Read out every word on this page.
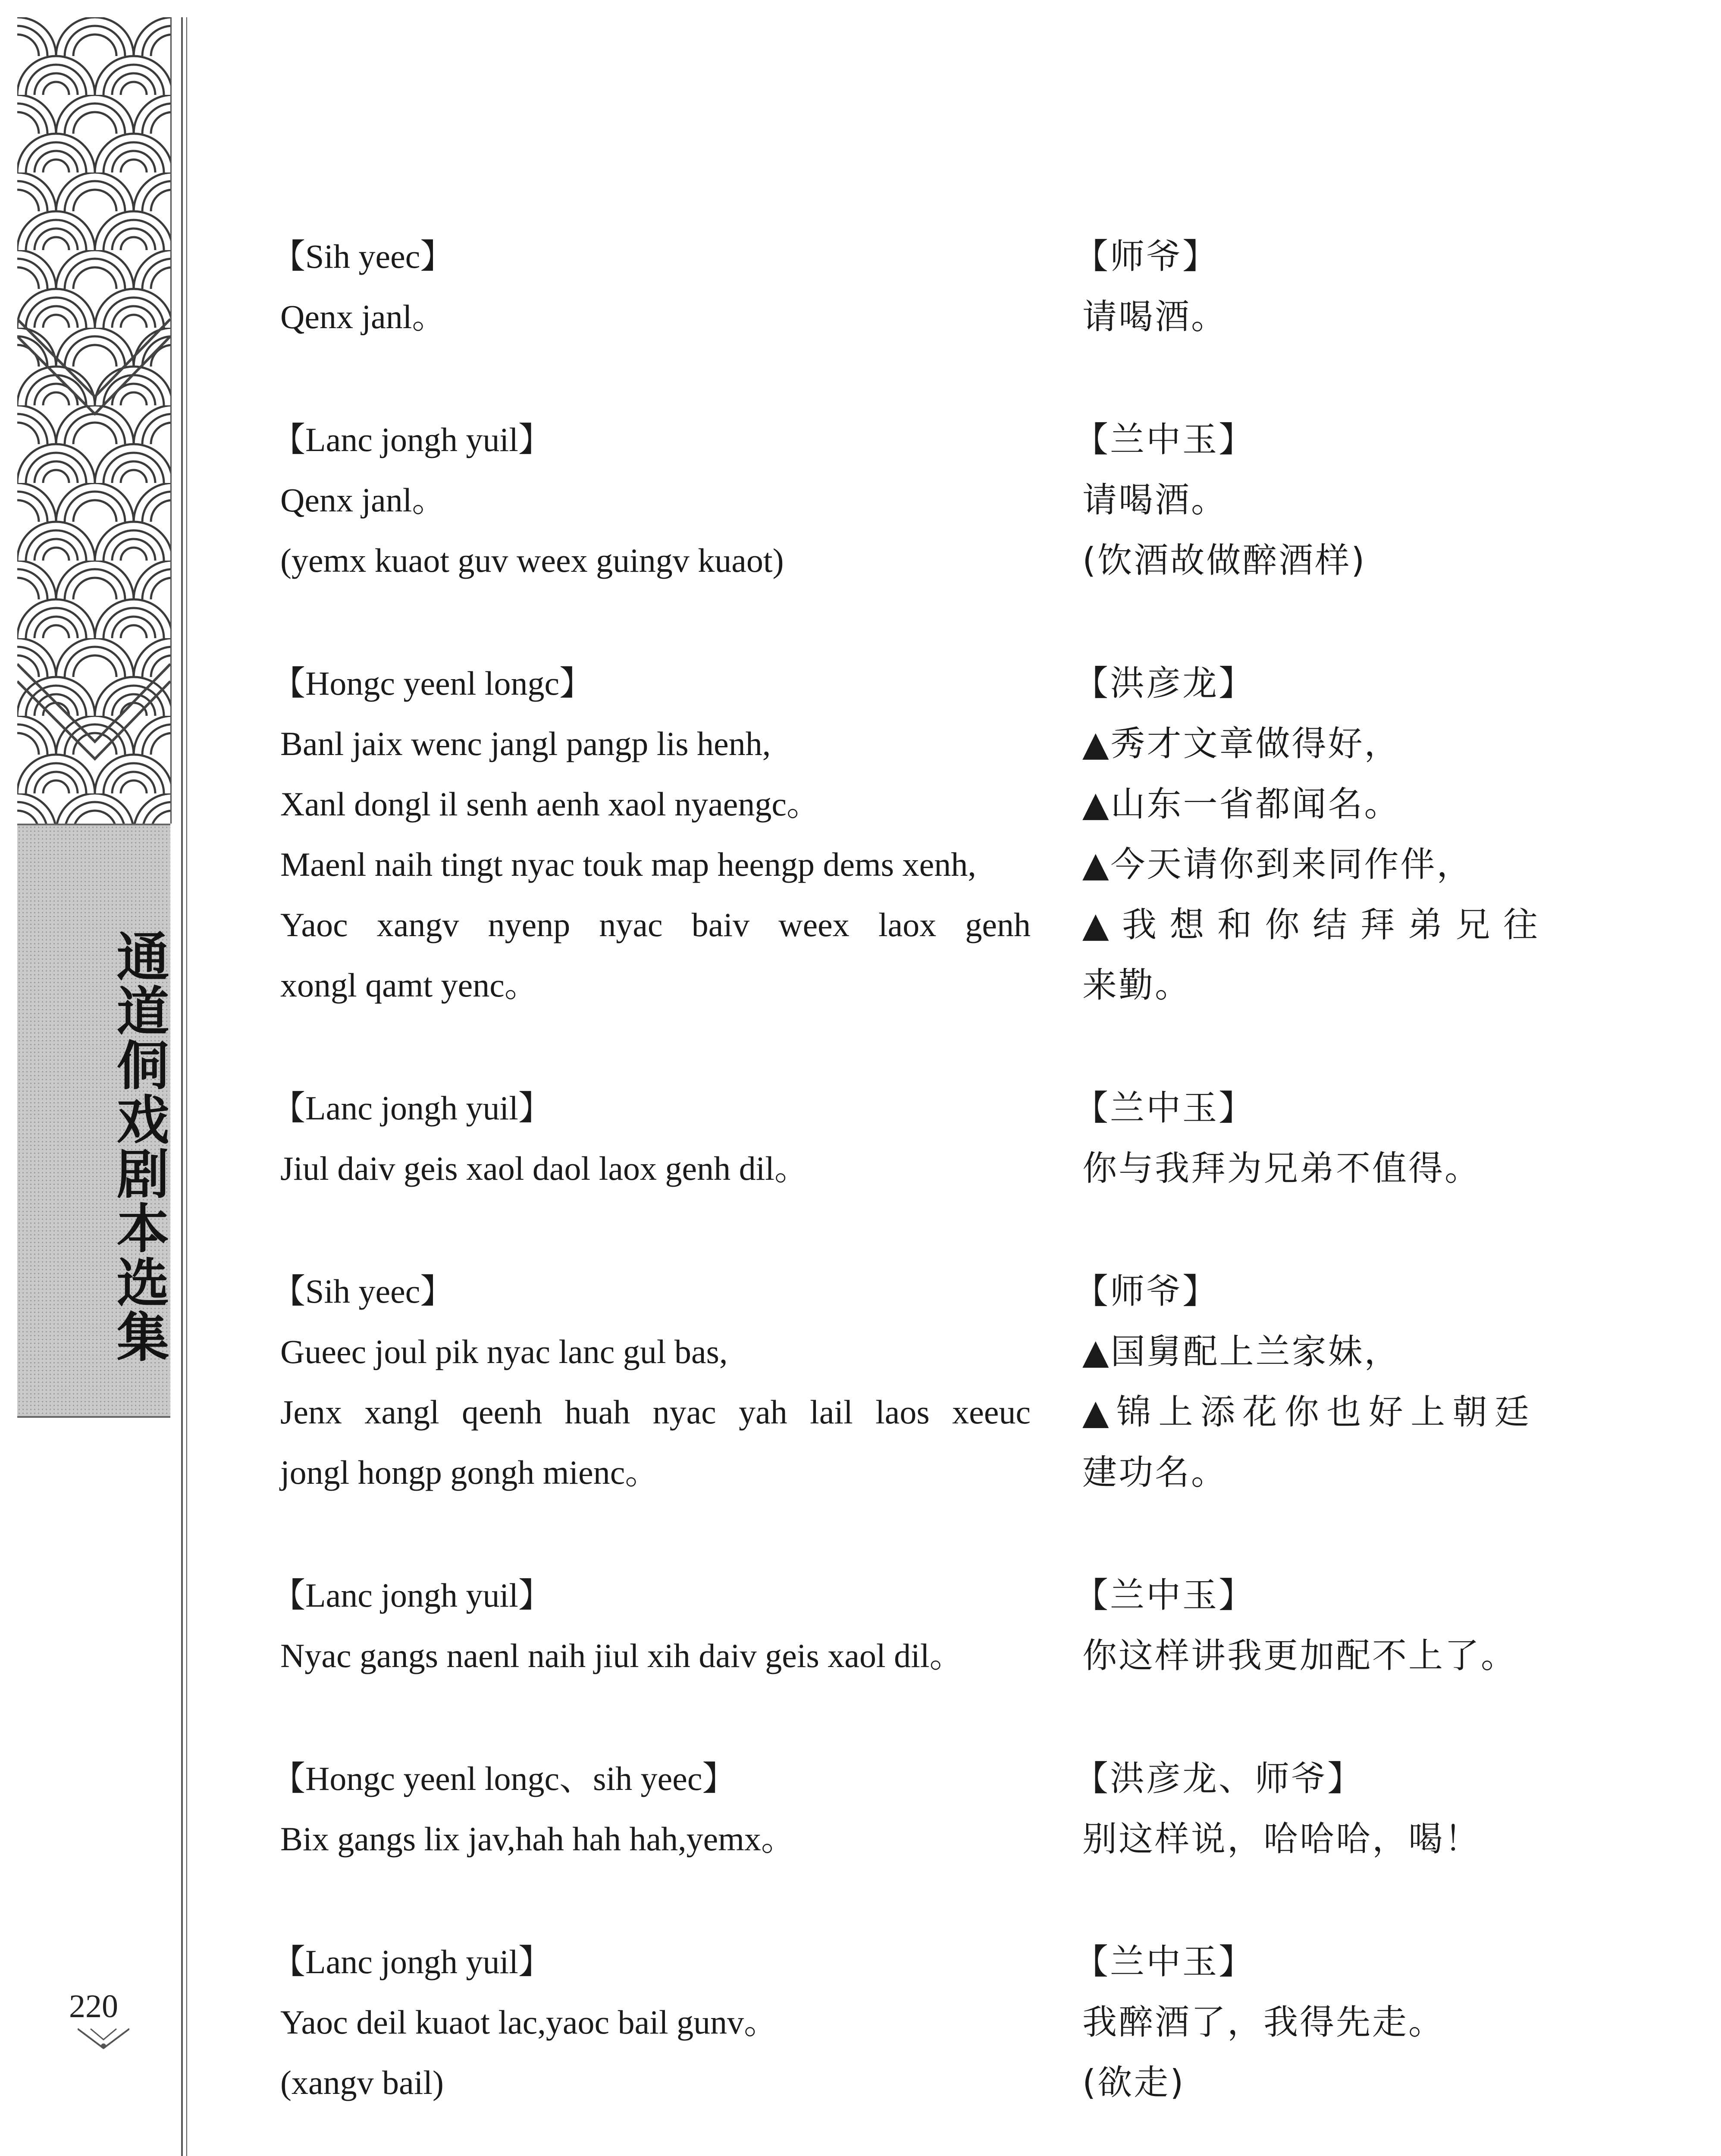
通道侗戏剧本选集
220
【Sih yeec】	【师爷】
Qenx janl。	请喝酒。
【Lanc jongh yuil】	【兰中玉】
Qenx janl。	请喝酒。
(yemx kuaot guv weex guingv kuaot)	(饮酒故做醉酒样)
【Hongc yeenl longc】	【洪彦龙】
Banl jaix wenc jangl pangp lis henh,	▲秀才文章做得好，
Xanl dongl il senh aenh xaol nyaengc。	▲山东一省都闻名。
Maenl naih tingt nyac touk map heengp dems xenh,	▲今天请你到来同作伴，
Yaoc xangv nyenp nyac baiv weex laox genh ▲我想和你结拜弟兄往
xongl qamt yenc。	来勤。
【Lanc jongh yuil】	【兰中玉】
Jiul daiv geis xaol daol laox genh dil。	你与我拜为兄弟不值得。
【Sih yeec】	【师爷】
Gueec joul pik nyac lanc gul bas,	▲国舅配上兰家妹，
Jenx xangl qeenh huah nyac yah lail laos xeeuc ▲锦上添花你也好上朝廷
jongl hongp gongh mienc。	建功名。
【Lanc jongh yuil】	【兰中玉】
Nyac gangs naenl naih jiul xih daiv geis xaol dil。	你这样讲我更加配不上了。
【Hongc yeenl longc、sih yeec】	【洪彦龙、师爷】
Bix gangs lix jav,hah hah hah,yemx。	别这样说，哈哈哈，喝！
【Lanc jongh yuil】	【兰中玉】
Yaoc deil kuaot lac,yaoc bail gunv。	我醉酒了，我得先走。
(xangv bail)	(欲走)
